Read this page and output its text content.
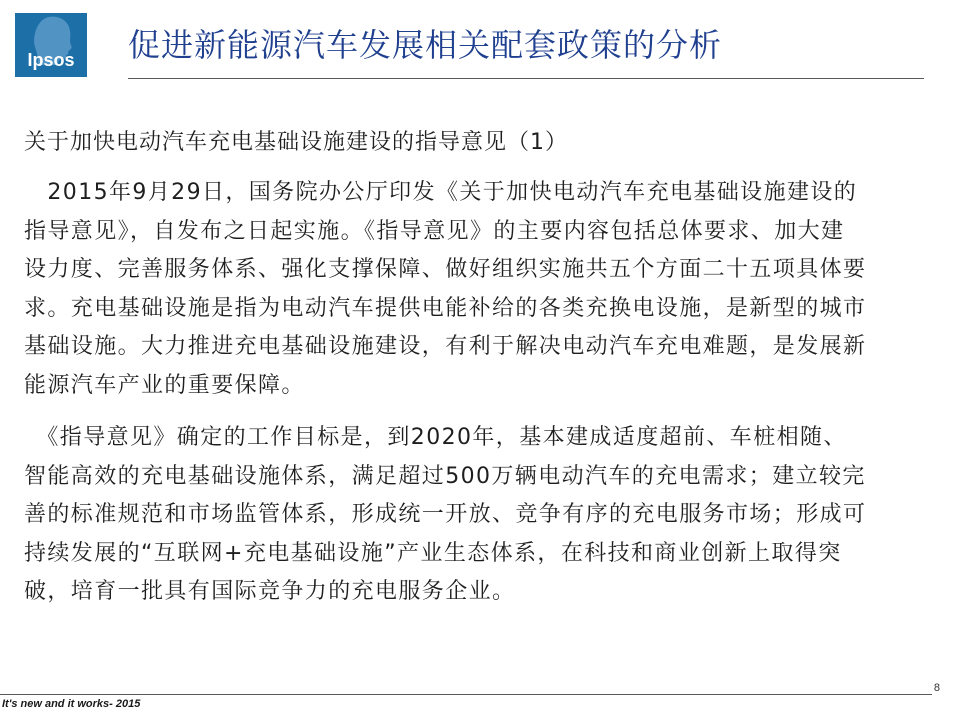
Ipsos	促进新能源汽车发展相关配套政策的分析
关于加快电动汽车充电基础设施建设的指导意见（1）
　2015年9月29日，国务院办公厅印发《关于加快电动汽车充电基础设施建设的
指导意见》，自发布之日起实施。《指导意见》的主要内容包括总体要求、加大建
设力度、完善服务体系、强化支撑保障、做好组织实施共五个方面二十五项具体要
求。充电基础设施是指为电动汽车提供电能补给的各类充换电设施，是新型的城市
基础设施。大力推进充电基础设施建设，有利于解决电动汽车充电难题，是发展新
能源汽车产业的重要保障。
　《指导意见》确定的工作目标是，到2020年，基本建成适度超前、车桩相随、
智能高效的充电基础设施体系，满足超过500万辆电动汽车的充电需求；建立较完
善的标准规范和市场监管体系，形成统一开放、竞争有序的充电服务市场；形成可
持续发展的“互联网+充电基础设施”产业生态体系，在科技和商业创新上取得突
破，培育一批具有国际竞争力的充电服务企业。
8
It's new and it works- 2015
